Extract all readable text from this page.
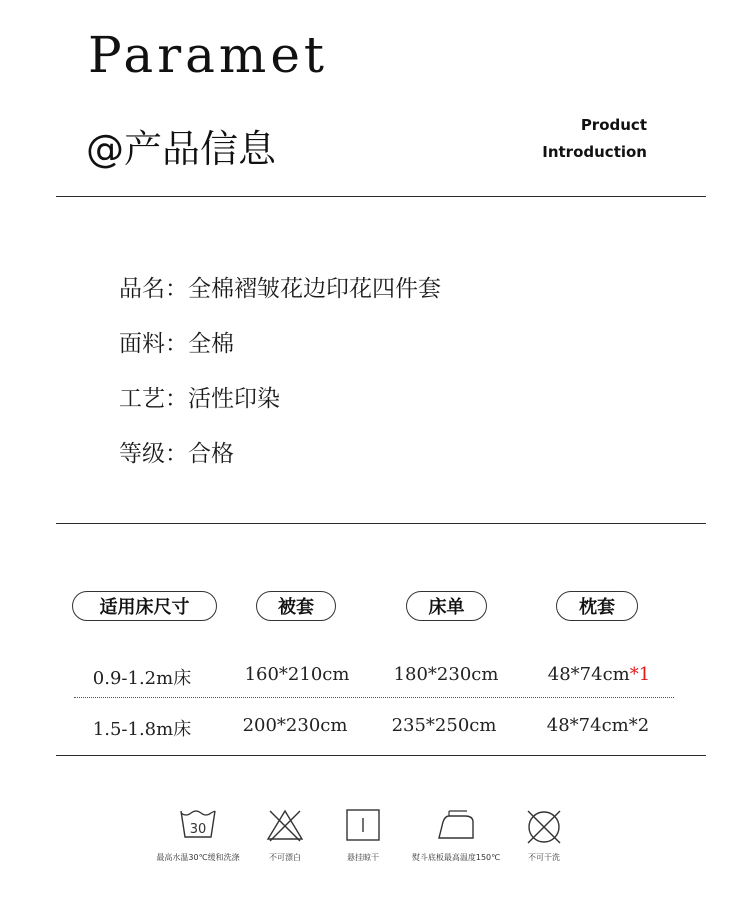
Paramet
@产品信息
Product
Introduction
品名：全棉褶皱花边印花四件套
面料：全棉
工艺：活性印染
等级：合格
适用床尺寸	被套	床单	枕套
0.9-1.2m床	160*210cm	180*230cm	48*74cm*1
1.5-1.8m床	200*230cm	235*250cm	48*74cm*2
30
最高水温30℃缓和洗涤	不可漂白	悬挂晾干	熨斗底板最高温度150℃	不可干洗
